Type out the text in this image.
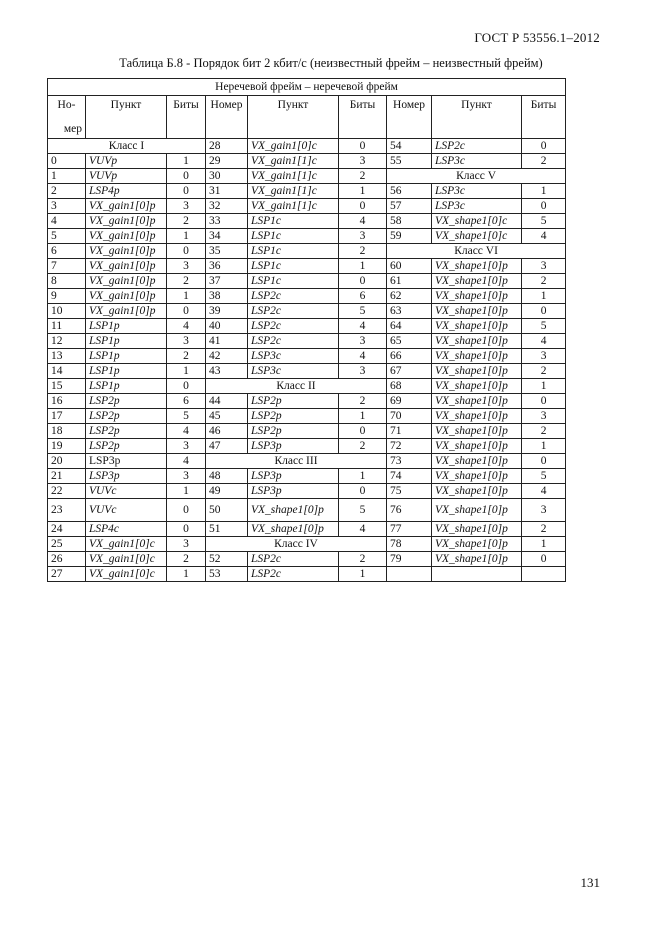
ГОСТ Р 53556.1–2012
Таблица Б.8 - Порядок бит 2 кбит/с (неизвестный фрейм – неизвестный фрейм)
Неречевой фрейм – неречевой фрейм								

Но-
мер	Пункт	Биты	Номер	Пункт	Биты	Номер	Пункт	Биты
Класс I			28	VX_gain1[0]c	0	54	LSP2c	0
0	VUVp	1	29	VX_gain1[1]c	3	55	LSP3c	2
1	VUVp	0	30	VX_gain1[1]c	2	Класс V		
2	LSP4p	0	31	VX_gain1[1]c	1	56	LSP3c	1
3	VX_gain1[0]p	3	32	VX_gain1[1]c	0	57	LSP3c	0
4	VX_gain1[0]p	2	33	LSP1c	4	58	VX_shape1[0]c	5
5	VX_gain1[0]p	1	34	LSP1c	3	59	VX_shape1[0]c	4
6	VX_gain1[0]p	0	35	LSP1c	2	Класс VI		
7	VX_gain1[0]p	3	36	LSP1c	1	60	VX_shape1[0]p	3
8	VX_gain1[0]p	2	37	LSP1c	0	61	VX_shape1[0]p	2
9	VX_gain1[0]p	1	38	LSP2c	6	62	VX_shape1[0]p	1
10	VX_gain1[0]p	0	39	LSP2c	5	63	VX_shape1[0]p	0
11	LSP1p	4	40	LSP2c	4	64	VX_shape1[0]p	5
12	LSP1p	3	41	LSP2c	3	65	VX_shape1[0]p	4
13	LSP1p	2	42	LSP3c	4	66	VX_shape1[0]p	3
14	LSP1p	1	43	LSP3c	3	67	VX_shape1[0]p	2
15	LSP1p	0	Класс II			68	VX_shape1[0]p	1
16	LSP2p	6	44	LSP2p	2	69	VX_shape1[0]p	0
17	LSP2p	5	45	LSP2p	1	70	VX_shape1[0]p	3
18	LSP2p	4	46	LSP2p	0	71	VX_shape1[0]p	2
19	LSP2p	3	47	LSP3p	2	72	VX_shape1[0]p	1
20	LSP3p	4	Класс III			73	VX_shape1[0]p	0
21	LSP3p	3	48	LSP3p	1	74	VX_shape1[0]p	5
22	VUVc	1	49	LSP3p	0	75	VX_shape1[0]p	4
23	VUVc	0	50	VX_shape1[0]p	5	76	VX_shape1[0]p	3
24	LSP4c	0	51	VX_shape1[0]p	4	77	VX_shape1[0]p	2
25	VX_gain1[0]c	3	Класс IV			78	VX_shape1[0]p	1
26	VX_gain1[0]c	2	52	LSP2c	2	79	VX_shape1[0]p	0
27	VX_gain1[0]c	1	53	LSP2c	1			
131
